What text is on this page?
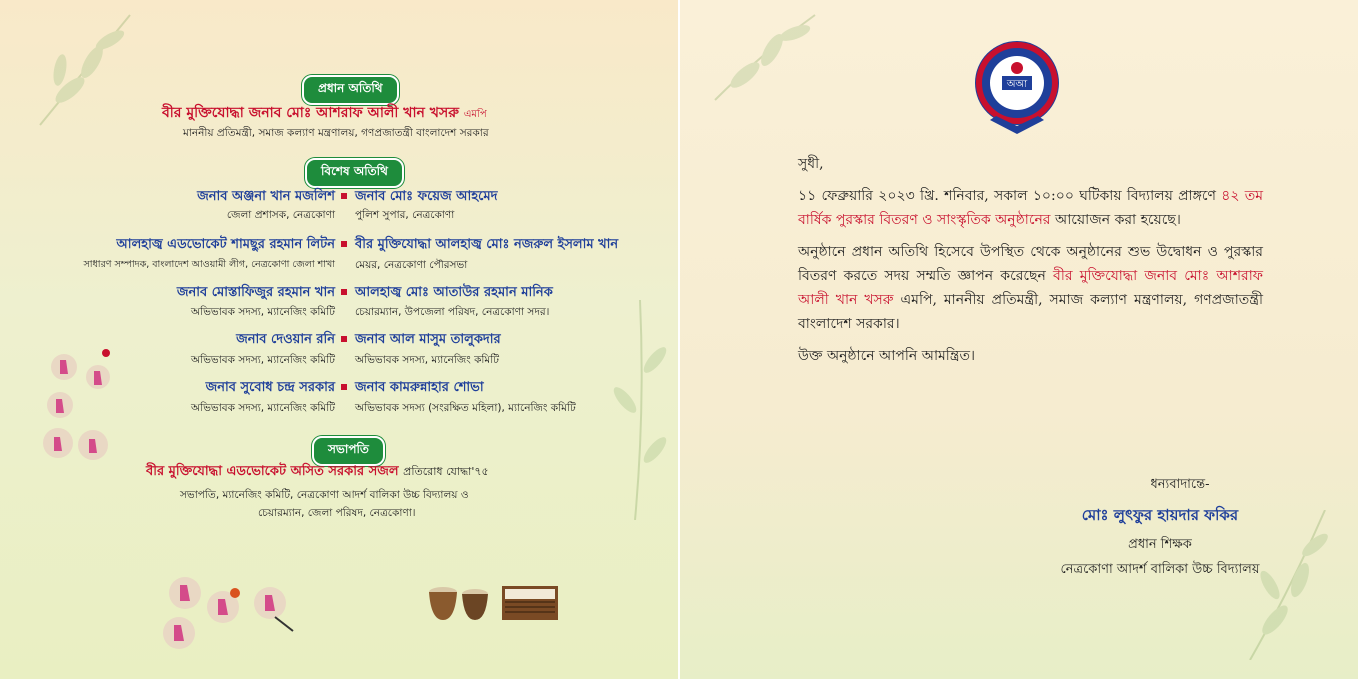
প্রধান অতিথি
বীর মুক্তিযোদ্ধা জনাব মোঃ আশরাফ আলী খান খসরু এমপি
মাননীয় প্রতিমন্ত্রী, সমাজ কল্যাণ মন্ত্রণালয়, গণপ্রজাতন্ত্রী বাংলাদেশ সরকার
বিশেষ অতিথি
জনাব অঞ্জনা খান মজলিশ
জেলা প্রশাসক, নেত্রকোণা
জনাব মোঃ ফয়েজ আহমেদ
পুলিশ সুপার, নেত্রকোণা
আলহাজ্ব এডভোকেট শামছুর রহমান লিটন
সাধারণ সম্পাদক, বাংলাদেশ আওয়ামী লীগ, নেত্রকোণা জেলা শাখা
বীর মুক্তিযোদ্ধা আলহাজ্ব মোঃ নজরুল ইসলাম খান
মেয়র, নেত্রকোণা পৌরসভা
জনাব মোস্তাফিজুর রহমান খান
অভিভাবক সদস্য, ম্যানেজিং কমিটি
আলহাজ্ব মোঃ আতাউর রহমান মানিক
চেয়ারম্যান, উপজেলা পরিষদ, নেত্রকোণা সদর।
জনাব দেওয়ান রনি
অভিভাবক সদস্য, ম্যানেজিং কমিটি
জনাব আল মাসুম তালুকদার
অভিভাবক সদস্য, ম্যানেজিং কমিটি
জনাব সুবোধ চন্দ্র সরকার
অভিভাবক সদস্য, ম্যানেজিং কমিটি
জনাব কামরুন্নাহার শোভা
অভিভাবক সদস্য (সংরক্ষিত মহিলা), ম্যানেজিং কমিটি
সভাপতি
বীর মুক্তিযোদ্ধা এডভোকেট অসিত সরকার সজল প্রতিরোধ যোদ্ধা'৭৫
সভাপতি, ম্যানেজিং কমিটি, নেত্রকোণা আদর্শ বালিকা উচ্চ বিদ্যালয় ও
চেয়ারম্যান, জেলা পরিষদ, নেত্রকোণা।
অআ

সুধী,

১১ ফেব্রুয়ারি ২০২৩ খ্রি. শনিবার, সকাল ১০:০০ ঘটিকায় বিদ্যালয় প্রাঙ্গণে ৪২ তম বার্ষিক পুরস্কার বিতরণ ও সাংস্কৃতিক অনুষ্ঠানের আয়োজন করা হয়েছে।

অনুষ্ঠানে প্রধান অতিথি হিসেবে উপস্থিত থেকে অনুষ্ঠানের শুভ উদ্বোধন ও পুরস্কার বিতরণ করতে সদয় সম্মতি জ্ঞাপন করেছেন বীর মুক্তিযোদ্ধা জনাব মোঃ আশরাফ আলী খান খসরু এমপি, মাননীয় প্রতিমন্ত্রী, সমাজ কল্যাণ মন্ত্রণালয়, গণপ্রজাতন্ত্রী বাংলাদেশ সরকার।

উক্ত অনুষ্ঠানে আপনি আমন্ত্রিত।

ধন্যবাদান্তে-
মোঃ লুৎফুর হায়দার ফকির
প্রধান শিক্ষক
নেত্রকোণা আদর্শ বালিকা উচ্চ বিদ্যালয়
